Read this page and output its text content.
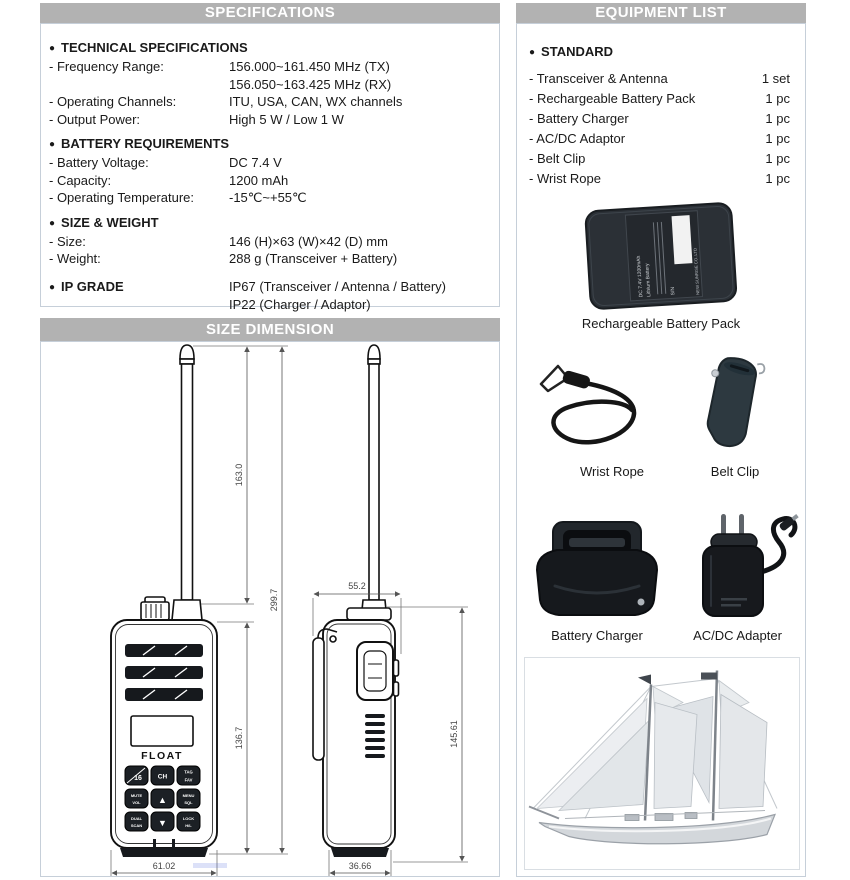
SPECIFICATIONS
● TECHNICAL SPECIFICATIONS
- Frequency Range:	156.000~161.450 MHz (TX)
156.050~163.425 MHz (RX)
- Operating Channels:	ITU, USA, CAN, WX channels
- Output Power:	High 5 W / Low 1 W
● BATTERY REQUIREMENTS
- Battery Voltage:	DC 7.4 V
- Capacity:	1200 mAh
- Operating Temperature:	-15℃~+55℃
● SIZE & WEIGHT
- Size:	146 (H)×63 (W)×42 (D) mm
- Weight:	288 g (Transceiver + Battery)
● IP GRADE	IP67 (Transceiver / Antenna / Battery)
IP22 (Charger / Adaptor)
SIZE DIMENSION
FLOAT
16 CH
TAG
FAV
MUTE
VOL ▲	MENU
SQL
DUAL
SCAN ▼	LOCK
H/L
163.0
136.7
299.7
61.02
55.2
145.61
36.66
EQUIPMENT LIST
● STANDARD
- Transceiver & Antenna	1 set
- Rechargeable Battery Pack	1 pc
- Battery Charger	1 pc
- AC/DC Adaptor	1 pc
- Belt Clip	1 pc
- Wrist Rope	1 pc
DC 7.4V 1200mAh Lithium Battery	S/N	NEW SUNRISE CO.,LTD
Rechargeable Battery Pack
Wrist Rope	Belt Clip
Battery Charger	AC/DC Adapter
